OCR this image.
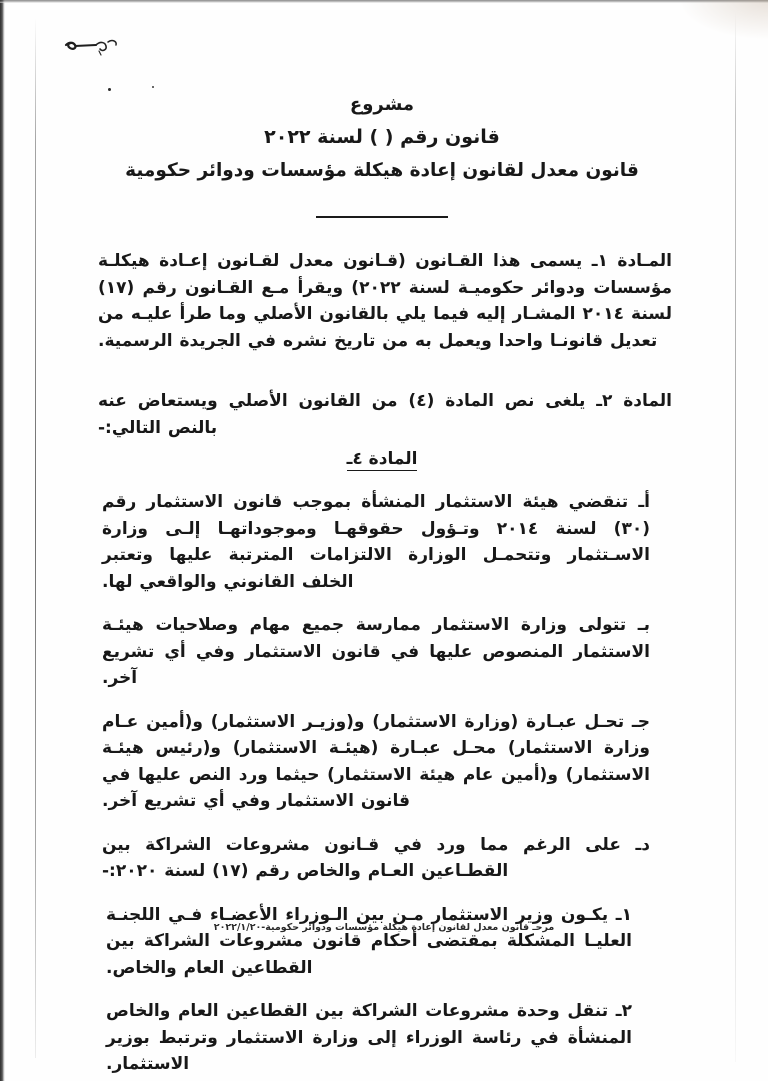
مشروع
قانون رقم ( ) لسنة ٢٠٢٢
قانون معدل لقانون إعادة هيكلة مؤسسات ودوائر حكومية

المـادة ١ـ يسمى هذا القـانون (قـانون معدل لقـانون إعـادة هيكلـة مؤسسات ودوائر حكوميـة لسنة ٢٠٢٢) ويقرأ مـع القـانون رقم (١٧) لسنة ٢٠١٤ المشـار إليه فيما يلي بالقانون الأصلي وما طرأ عليـه من تعديل قانونـا واحدا ويعمل به من تاريخ نشره في الجريدة الرسمية.

المادة ٢ـ يلغى نص المادة (٤) من القانون الأصلي ويستعاض عنه بالنص التالي:-

المادة ٤ـ

أـ تنقضي هيئة الاستثمار المنشأة بموجب قانون الاستثمار رقم (٣٠) لسنة ٢٠١٤ وتـؤول حقوقهـا وموجوداتهـا إلـى وزارة الاسـتثمار وتتحمـل الوزارة الالتزامات المترتبة عليها وتعتبر الخلف القانوني والواقعي لها.

بـ تتولى وزارة الاستثمار ممارسة جميع مهام وصلاحيات هيئـة الاستثمار المنصوص عليها في قانون الاستثمار وفي أي تشريع آخر.

جـ تحـل عبـارة (وزارة الاستثمار) و(وزيـر الاستثمار) و(أمين عـام وزارة الاستثمار) محـل عبـارة (هيئـة الاستثمار) و(رئيس هيئـة الاستثمار) و(أمين عام هيئة الاستثمار) حيثما ورد النص عليها في قانون الاستثمار وفي أي تشريع آخر.

دـ على الرغم مما ورد في قـانون مشروعات الشراكة بين القطـاعين العـام والخاص رقم (١٧) لسنة ٢٠٢٠:-

١ـ يكـون وزير الاستثمار مـن بين الـوزراء الأعضـاء فـي اللجنـة العليـا المشكلة بمقتضى أحكام قانون مشروعات الشراكة بين القطاعين العام والخاص.

٢ـ تنقل وحدة مشروعات الشراكة بين القطاعين العام والخاص المنشأة في رئاسة الوزراء إلى وزارة الاستثمار وترتبط بوزير الاستثمار.

مرحـ قانون معدل لقانون إعادة هيكلة مؤسسات ودوائر حكومية-٢٠٢٢/١/٢٠
